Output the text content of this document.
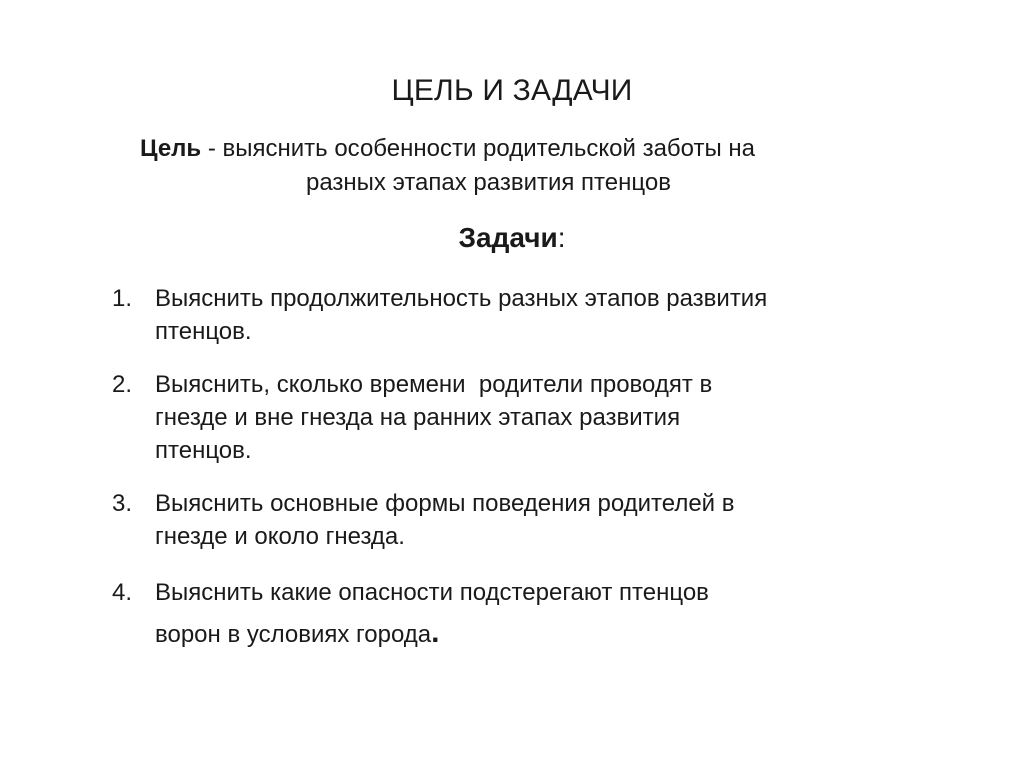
ЦЕЛЬ И ЗАДАЧИ
Цель - выяснить особенности родительской заботы на
разных этапах развития птенцов
Задачи:
1. Выяснить продолжительность разных этапов развития
птенцов.
2. Выяснить, сколько времени  родители проводят в
гнезде и вне гнезда на ранних этапах развития
птенцов.
3. Выяснить основные формы поведения родителей в
гнезде и около гнезда.
4. Выяснить какие опасности подстерегают птенцов
ворон в условиях города.
